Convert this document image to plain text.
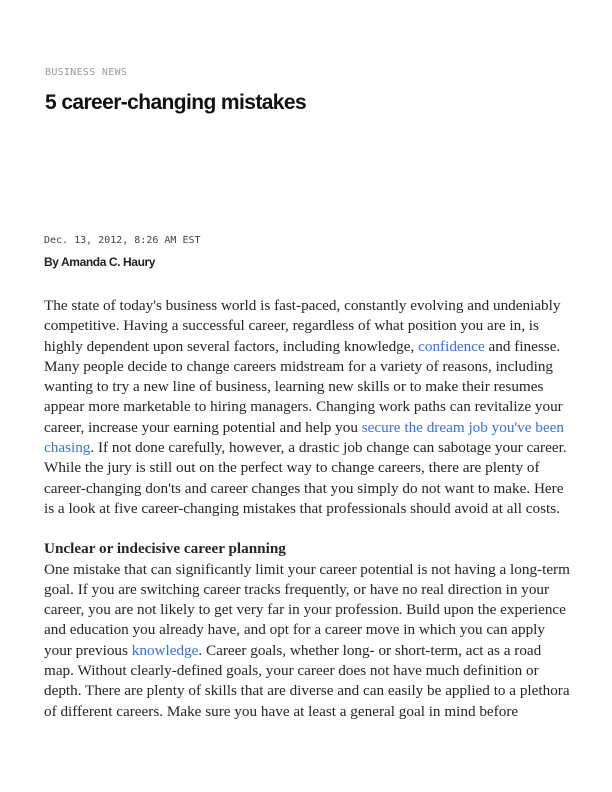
BUSINESS NEWS
5 career-changing mistakes
Dec. 13, 2012, 8:26 AM EST
By Amanda C. Haury

The state of today's business world is fast-paced, constantly evolving and undeniably competitive. Having a successful career, regardless of what position you are in, is highly dependent upon several factors, including knowledge, confidence and finesse. Many people decide to change careers midstream for a variety of reasons, including wanting to try a new line of business, learning new skills or to make their resumes appear more marketable to hiring managers. Changing work paths can revitalize your career, increase your earning potential and help you secure the dream job you've been chasing. If not done carefully, however, a drastic job change can sabotage your career. While the jury is still out on the perfect way to change careers, there are plenty of career-changing don'ts and career changes that you simply do not want to make. Here is a look at five career-changing mistakes that professionals should avoid at all costs.

Unclear or indecisive career planning

One mistake that can significantly limit your career potential is not having a long-term goal. If you are switching career tracks frequently, or have no real direction in your career, you are not likely to get very far in your profession. Build upon the experience and education you already have, and opt for a career move in which you can apply your previous knowledge. Career goals, whether long- or short-term, act as a road map. Without clearly-defined goals, your career does not have much definition or depth. There are plenty of skills that are diverse and can easily be applied to a plethora of different careers. Make sure you have at least a general goal in mind before
